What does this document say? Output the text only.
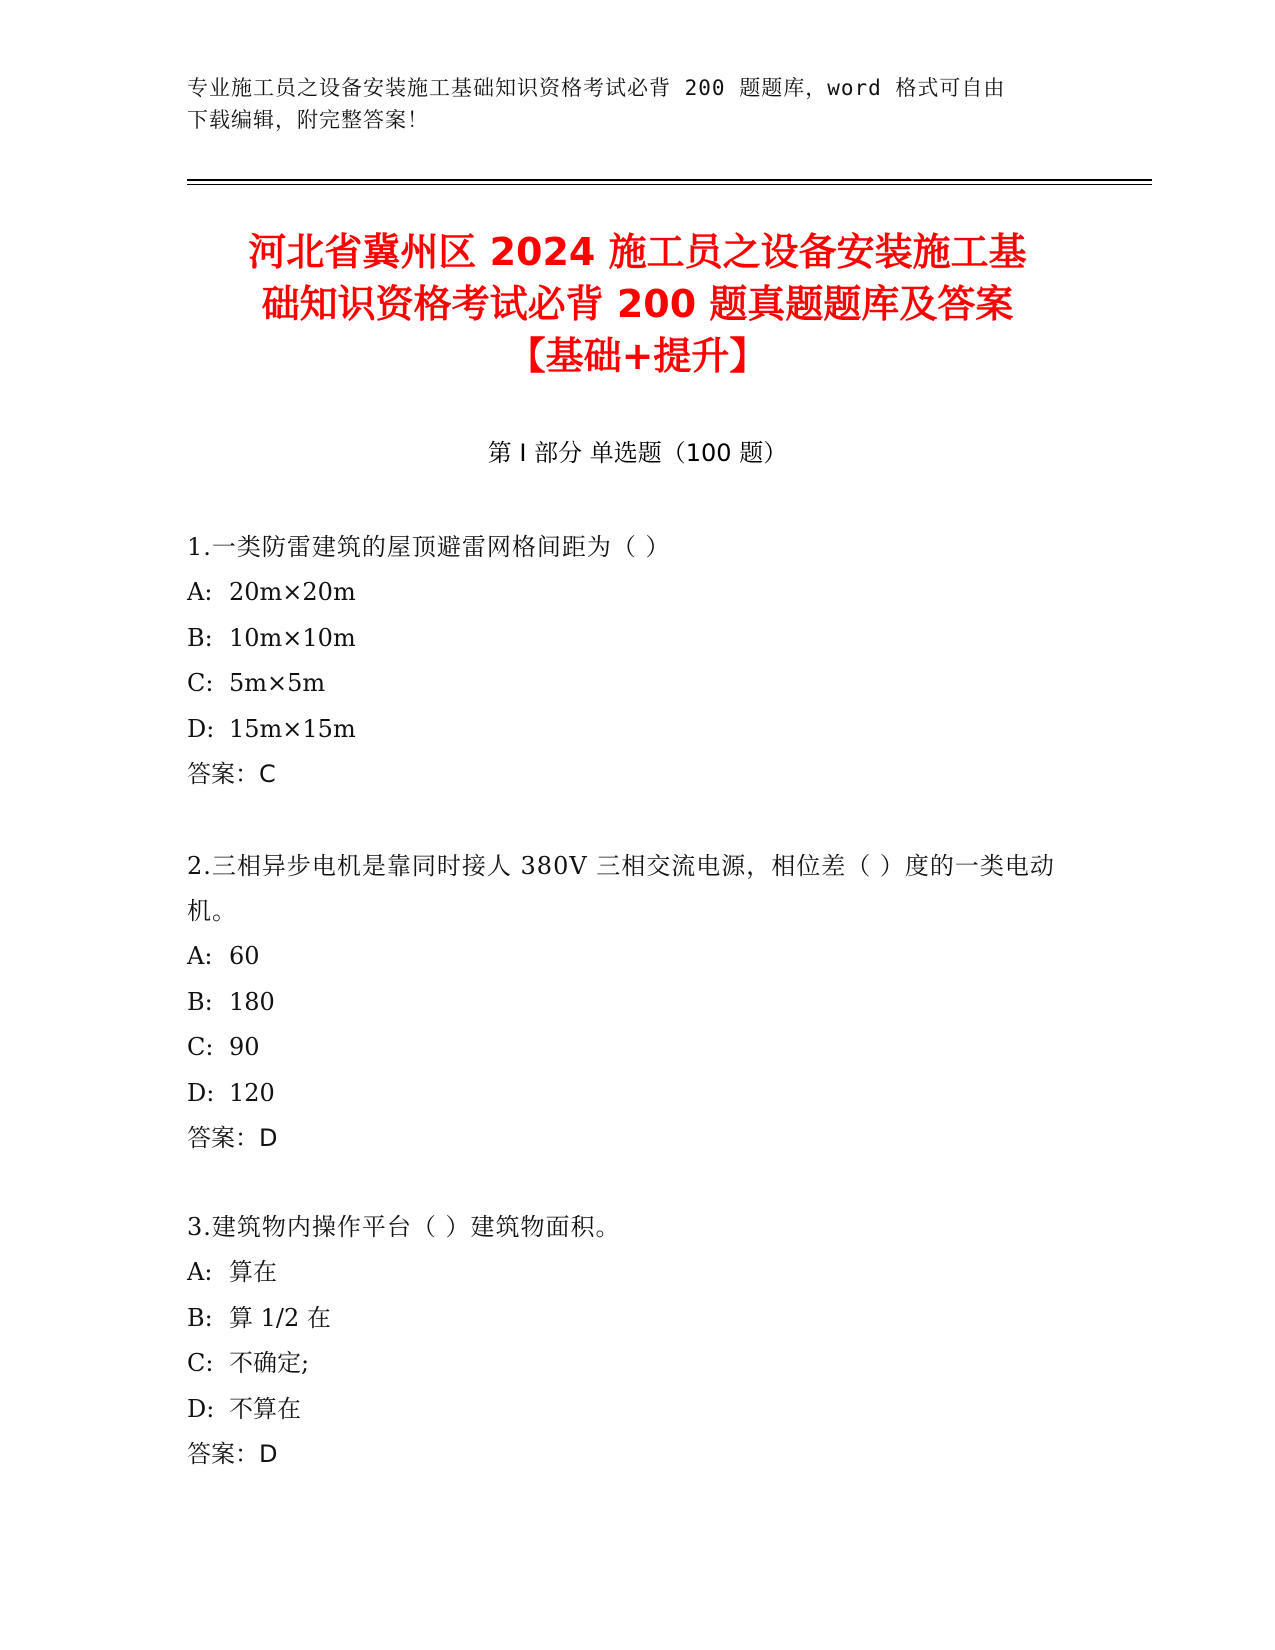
专业施工员之设备安装施工基础知识资格考试必背 200 题题库，word 格式可自由
下载编辑，附完整答案！
河北省冀州区 2024 施工员之设备安装施工基
础知识资格考试必背 200 题真题题库及答案
【基础+提升】
第 I 部分 单选题（100 题）
1.一类防雷建筑的屋顶避雷网格间距为（ ）
A: 20m×20m
B: 10m×10m
C: 5m×5m
D: 15m×15m
答案：C
2.三相异步电机是靠同时接人 380V 三相交流电源，相位差（ ）度的一类电动机。
A: 60
B: 180
C: 90
D: 120
答案：D
3.建筑物内操作平台（ ）建筑物面积。
A: 算在
B: 算 1/2 在
C: 不确定;
D: 不算在
答案：D
